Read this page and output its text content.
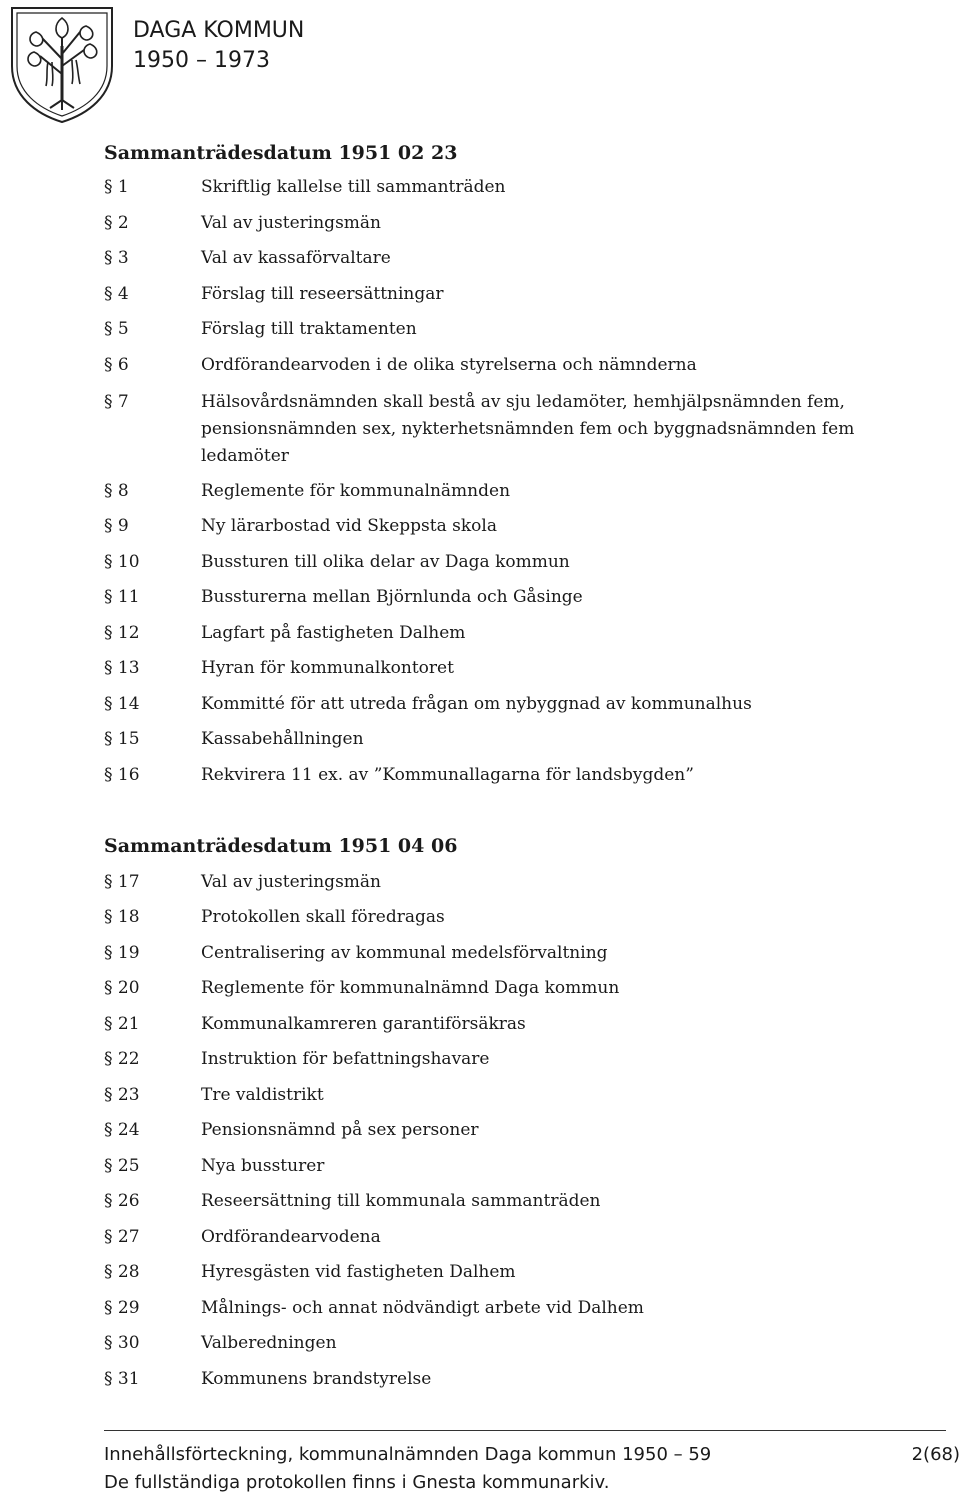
DAGA KOMMUN
1950 – 1973
Sammanträdesdatum 1951 02 23
§ 1	Skriftlig kallelse till sammanträden
§ 2	Val av justeringsmän
§ 3	Val av kassaförvaltare
§ 4	Förslag till reseersättningar
§ 5	Förslag till traktamenten
§ 6	Ordförandearvoden i de olika styrelserna och nämnderna
§ 7	Hälsovårdsnämnden skall bestå av sju ledamöter, hemhjälpsnämnden fem, pensionsnämnden sex, nykterhetsnämnden fem och byggnadsnämnden fem ledamöter
§ 8	Reglemente för kommunalnämnden
§ 9	Ny lärarbostad vid Skeppsta skola
§ 10	Bussturen till olika delar av Daga kommun
§ 11	Bussturerna mellan Björnlunda och Gåsinge
§ 12	Lagfart på fastigheten Dalhem
§ 13	Hyran för kommunalkontoret
§ 14	Kommitté för att utreda frågan om nybyggnad av kommunalhus
§ 15	Kassabehållningen
§ 16	Rekvirera 11 ex. av ”Kommunallagarna för landsbygden”
Sammanträdesdatum 1951 04 06
§ 17	Val av justeringsmän
§ 18	Protokollen skall föredragas
§ 19	Centralisering av kommunal medelsförvaltning
§ 20	Reglemente för kommunalnämnd Daga kommun
§ 21	Kommunalkamreren garantiförsäkras
§ 22	Instruktion för befattningshavare
§ 23	Tre valdistrikt
§ 24	Pensionsnämnd på sex personer
§ 25	Nya bussturer
§ 26	Reseersättning till kommunala sammanträden
§ 27	Ordförandearvodena
§ 28	Hyresgästen vid fastigheten Dalhem
§ 29	Målnings- och annat nödvändigt arbete vid Dalhem
§ 30	Valberedningen
§ 31	Kommunens brandstyrelse
Innehållsförteckning, kommunalnämnden Daga kommun 1950 – 59
De fullständiga protokollen finns i Gnesta kommunarkiv.
2(68)
